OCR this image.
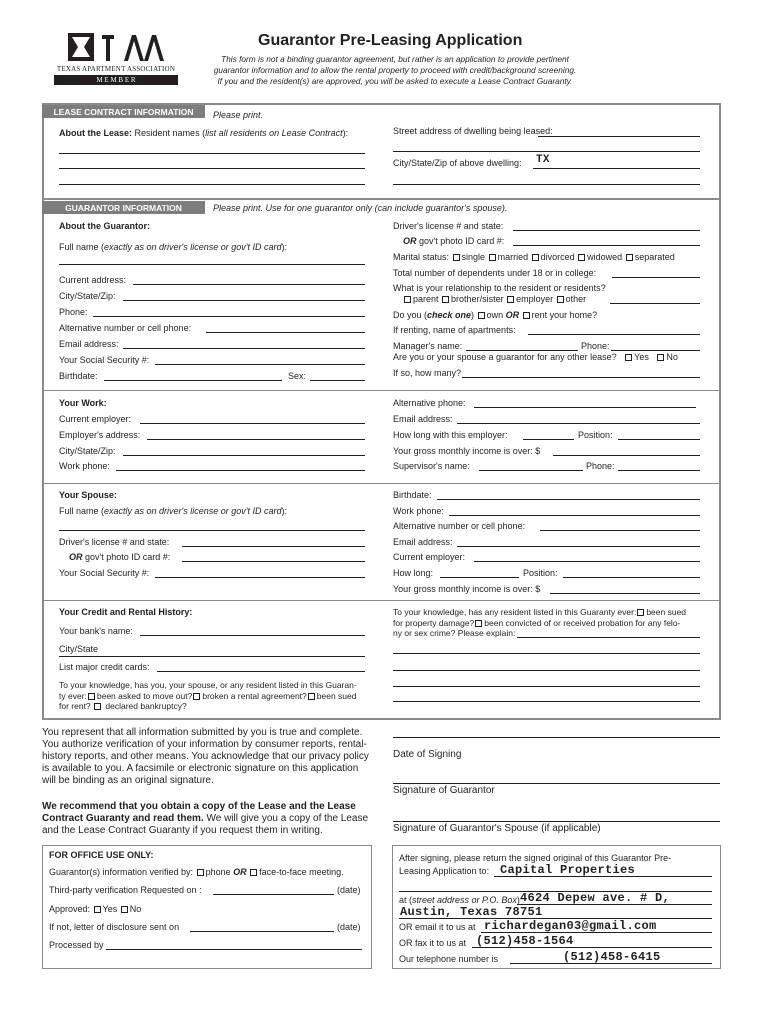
TEXAS APARTMENT ASSOCIATION
M E M B E R
Guarantor Pre-Leasing Application
This form is not a binding guarantor agreement, but rather is an application to provide pertinent
guarantor information and to allow the rental property to proceed with credit/background screening.
If you and the resident(s) are approved, you will be asked to execute a Lease Contract Guaranty.
LEASE CONTRACT INFORMATION	Please print.
About the Lease: Resident names (list all residents on Lease Contract):	Street address of dwelling being leased:
City/State/Zip of above dwelling: TX
GUARANTOR INFORMATION	Please print. Use for one guarantor only (can include guarantor's spouse).
About the Guarantor:
Full name (exactly as on driver's license or gov't ID card):
Current address:
City/State/Zip:
Phone:
Alternative number or cell phone:
Email address:
Your Social Security #:
Birthdate:	Sex:
Driver's license # and state:
OR gov't photo ID card #:
Marital status: single married divorced widowed separated
Total number of dependents under 18 or in college:
What is your relationship to the resident or residents?
parent brother/sister employer other
Do you (check one) own OR rent your home?
If renting, name of apartments:
Manager's name:	Phone:
Are you or your spouse a guarantor for any other lease? Yes No
If so, how many?
Your Work:
Current employer:
Employer's address:
City/State/Zip:
Work phone:
Alternative phone:
Email address:
How long with this employer:	Position:
Your gross monthly income is over: $
Supervisor's name:	Phone:
Your Spouse:
Full name (exactly as on driver's license or gov't ID card):
Driver's license # and state:
OR gov't photo ID card #:
Your Social Security #:
Birthdate:
Work phone:
Alternative number or cell phone:
Email address:
Current employer:
How long:	Position:
Your gross monthly income is over: $
Your Credit and Rental History:
Your bank's name:
City/State
List major credit cards:
To your knowledge, has you, your spouse, or any resident listed in this Guaran-
ty ever: been asked to move out? broken a rental agreement? been sued
for rent? declared bankruptcy?
To your knowledge, has any resident listed in this Guaranty ever: been sued
for property damage? been convicted of or received probation for any felo-
ny or sex crime? Please explain:
You represent that all information submitted by you is true and complete. You authorize verification of your information by consumer reports, rental-history reports, and other means. You acknowledge that our privacy policy is available to you. A facsimile or electronic signature on this application will be binding as an original signature.
We recommend that you obtain a copy of the Lease and the Lease Contract Guaranty and read them. We will give you a copy of the Lease and the Lease Contract Guaranty if you request them in writing.
Date of Signing
Signature of Guarantor
Signature of Guarantor's Spouse (if applicable)
FOR OFFICE USE ONLY:
Guarantor(s) information verified by: phone OR face-to-face meeting.
Third-party verification Requested on :	(date)
Approved: Yes No
If not, letter of disclosure sent on	(date)
Processed by
After signing, please return the signed original of this Guarantor Pre-
Leasing Application to: Capital Properties
at (street address or P.O. Box) 4624 Depew ave. # D,
Austin, Texas 78751
OR email it to us at richardegan03@gmail.com
OR fax it to us at (512)458-1564
Our telephone number is	(512)458-6415
